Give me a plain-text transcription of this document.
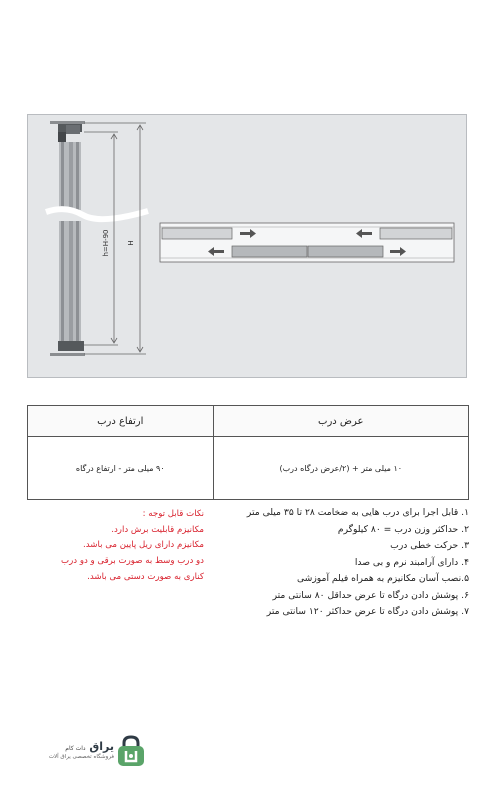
H
h=H-90
ارتفاع درب	عرض درب
۹۰ میلی متر - ارتفاع درگاه	۱۰ میلی متر + (۲/عرض درگاه درب)
۱. قابل اجرا برای درب هایی به ضخامت ۲۸ تا ۳۵ میلی متر
۲. حداکثر وزن درب = ۸۰ کیلوگرم
۳. حرکت خطی درب
۴. دارای آرامبند نرم و بی صدا
۵.نصب آسان مکانیزم به همراه فیلم آموزشی
۶. پوشش دادن درگاه تا عرض حداقل ۸۰ سانتی متر
۷. پوشش دادن درگاه تا عرض حداکثر ۱۲۰ سانتی متر
نکات قابل توجه :
مکانیزم قابلیت برش دارد.
مکانیزم دارای ریل پایین می باشد.
دو درب وسط به صورت برقی و دو درب
کناری به صورت دستی می باشد.
یراق دات کام
فروشگاه تخصصی یراق آلات
